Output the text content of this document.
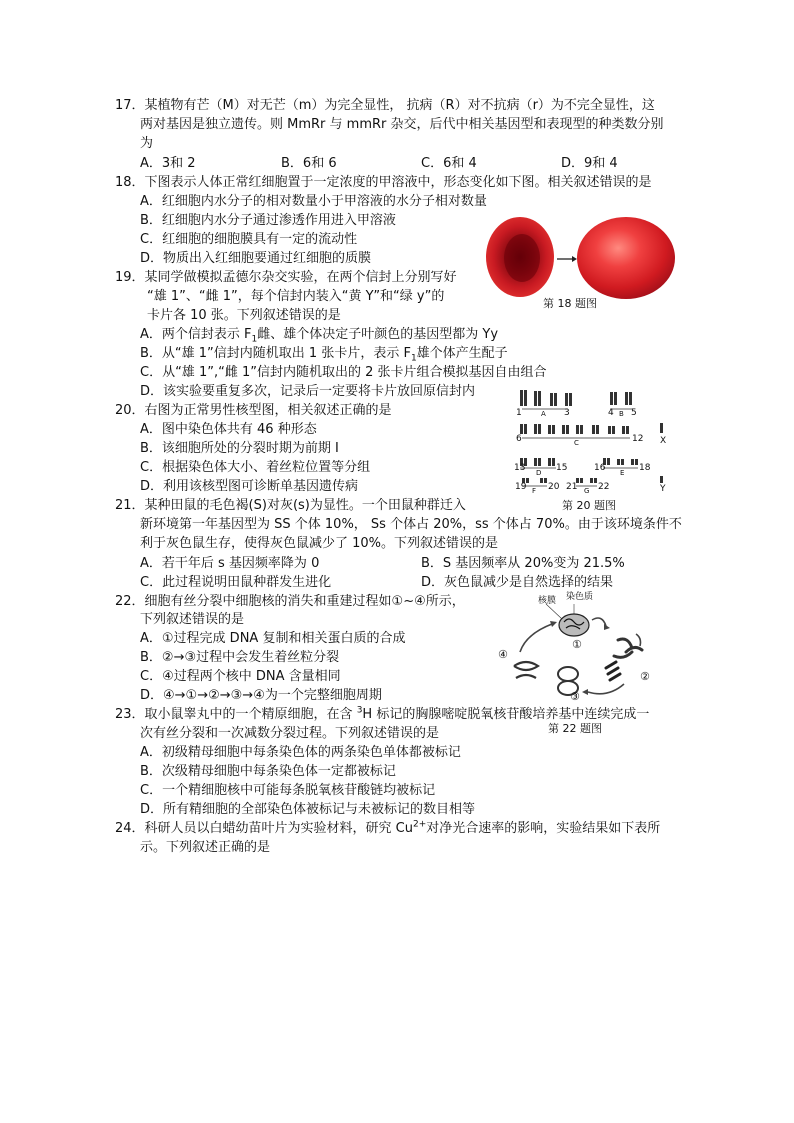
17．某植物有芒（M）对无芒（m）为完全显性， 抗病（R）对不抗病（r）为不完全显性，这
两对基因是独立遗传。则 MmRr 与 mmRr 杂交，后代中相关基因型和表现型的种类数分别
为
A．3和 2	B．6和 6	C．6和 4	D．9和 4
18．下图表示人体正常红细胞置于一定浓度的甲溶液中，形态变化如下图。相关叙述错误的是
A．红细胞内水分子的相对数量小于甲溶液的水分子相对数量
B．红细胞内水分子通过渗透作用进入甲溶液
C．红细胞的细胞膜具有一定的流动性
D．物质出入红细胞要通过红细胞的质膜
第 18 题图
19．某同学做模拟孟德尔杂交实验，在两个信封上分别写好
“雄 1”、“雌 1”，每个信封内装入“黄 Y”和“绿 y”的
卡片各 10 张。下列叙述错误的是
A．两个信封表示 $F_1$雌、雄个体决定子叶颜色的基因型都为 Yy
B．从“雄 1”信封内随机取出 1 张卡片，表示 $F_1$雄个体产生配子
C．从“雄 1”,“雌 1”信封内随机取出的 2 张卡片组合模拟基因自由组合
D．该实验要重复多次，记录后一定要将卡片放回原信封内
20．右图为正常男性核型图，相关叙述正确的是
A．图中染色体共有 46 种形态
B．该细胞所处的分裂时期为前期 I
C．根据染色体大小、着丝粒位置等分组
D．利用该核型图可诊断单基因遗传病
1	3	4 5
6	12 X
13	15	16	18
19 20 21 22	Y
A	B
C
D	E
F	G
21．某种田鼠的毛色褐(S)对灰(s)为显性。一个田鼠种群迁入	第 20 题图
新环境第一年基因型为 SS 个体 10%， Ss 个体占 20%，ss 个体占 70%。由于该环境条件不
利于灰色鼠生存，使得灰色鼠减少了 10%。下列叙述错误的是
A．若干年后 s 基因频率降为 0	B．S 基因频率从 20%变为 21.5%
C．此过程说明田鼠种群发生进化	D．灰色鼠减少是自然选择的结果
22．细胞有丝分裂中细胞核的消失和重建过程如①~④所示，
下列叙述错误的是
A．①过程完成 DNA 复制和相关蛋白质的合成
B．②→③过程中会发生着丝粒分裂
C．④过程两个核中 DNA 含量相同
D．④→①→②→③→④为一个完整细胞周期
核膜 染色质
①
②
③
④
23．取小鼠睾丸中的一个精原细胞，在含 $^3$H 标记的胸腺嘧啶脱氧核苷酸培养基中连续完成一
第 22 题图
次有丝分裂和一次减数分裂过程。下列叙述错误的是
A．初级精母细胞中每条染色体的两条染色单体都被标记
B．次级精母细胞中每条染色体一定都被标记
C．一个精细胞核中可能每条脱氧核苷酸链均被标记
D．所有精细胞的全部染色体被标记与未被标记的数目相等
24．科研人员以白蜡幼苗叶片为实验材料，研究 $Cu^{2+}$对净光合速率的影响，实验结果如下表所
示。下列叙述正确的是
